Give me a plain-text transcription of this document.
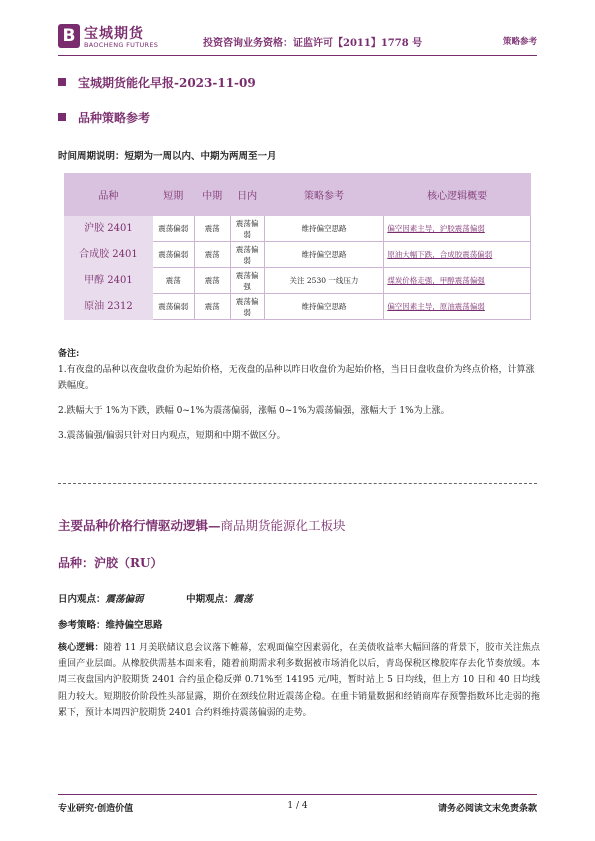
B 宝城期货
BAOCHENG FUTURES	投资咨询业务资格：证监许可【2011】1778 号	策略参考
宝城期货能化早报-2023-11-09
品种策略参考
时间周期说明：短期为一周以内、中期为两周至一月
品种	短期	中期	日内	策略参考	核心逻辑概要
沪胶 2401	震荡偏弱	震荡	震荡偏弱	维持偏空思路	偏空因素主导，沪胶震荡偏弱
合成胶 2401	震荡偏弱	震荡	震荡偏弱	维持偏空思路	原油大幅下跌，合成胶震荡偏弱
甲醇 2401	震荡	震荡	震荡偏强	关注 2530 一线压力	煤炭价格走强，甲醇震荡偏强
原油 2312	震荡偏弱	震荡	震荡偏弱	维持偏空思路	偏空因素主导，原油震荡偏弱
备注:

1.有夜盘的品种以夜盘收盘价为起始价格，无夜盘的品种以昨日收盘价为起始价格，当日日盘收盘价为终点价格，计算涨跌幅度。

2.跌幅大于 1%为下跌，跌幅 0~1%为震荡偏弱，涨幅 0~1%为震荡偏强，涨幅大于 1%为上涨。

3.震荡偏强/偏弱只针对日内观点，短期和中期不做区分。

主要品种价格行情驱动逻辑—商品期货能源化工板块
品种：沪胶（RU）
日内观点：震荡偏弱	中期观点：震荡
参考策略：维持偏空思路
核心逻辑：随着 11 月美联储议息会议落下帷幕，宏观面偏空因素弱化，在美债收益率大幅回落的背景下，胶市关注焦点重回产业层面。从橡胶供需基本面来看，随着前期需求利多数据被市场消化以后，青岛保税区橡胶库存去化节奏放缓。本周三夜盘国内沪胶期货 2401 合约虽企稳反弹 0.71%至 14195 元/吨，暂时站上 5 日均线，但上方 10 日和 40 日均线阻力较大。短期胶价阶段性头部显露，期价在颈线位附近震荡企稳。在重卡销量数据和经销商库存预警指数环比走弱的拖累下，预计本周四沪胶期货 2401 合约料维持震荡偏弱的走势。
专业研究·创造价值	1 / 4	请务必阅读文末免责条款
